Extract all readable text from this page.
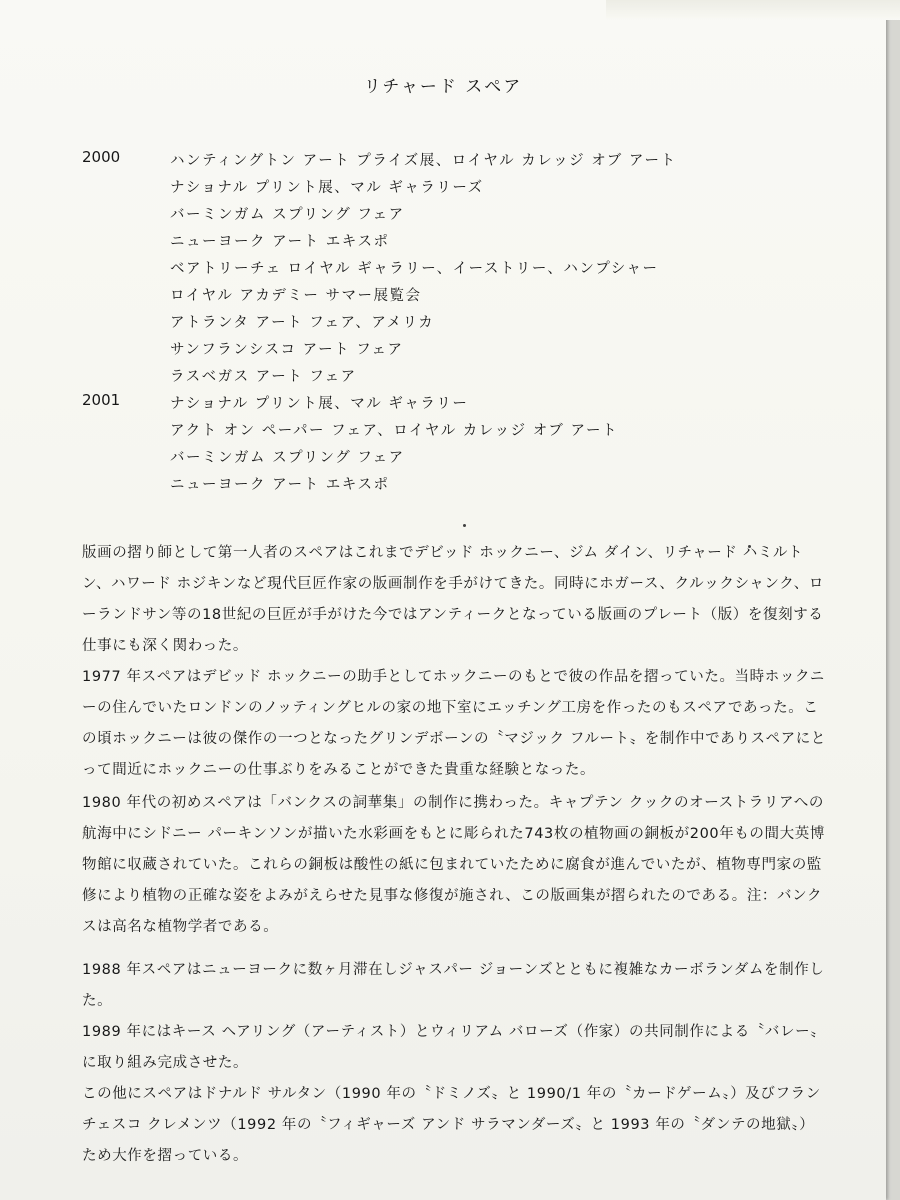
リチャード スペア
2000	ハンティングトン アート プライズ展、ロイヤル カレッジ オブ アート
ナショナル プリント展、マル ギャラリーズ
バーミンガム スプリング フェア
ニューヨーク アート エキスポ
ベアトリーチェ ロイヤル ギャラリー、イーストリー、ハンプシャー
ロイヤル アカデミー サマー展覧会
アトランタ アート フェア、アメリカ
サンフランシスコ アート フェア
ラスベガス アート フェア
2001	ナショナル プリント展、マル ギャラリー
アクト オン ペーパー フェア、ロイヤル カレッジ オブ アート
バーミンガム スプリング フェア
ニューヨーク アート エキスポ

版画の摺り師として第一人者のスペアはこれまでデビッド ホックニー、ジム ダイン、リチャード ハミルトン、ハワード ホジキンなど現代巨匠作家の版画制作を手がけてきた。同時にホガース、クルックシャンク、ローランドサン等の18世紀の巨匠が手がけた今ではアンティークとなっている版画のプレート（版）を復刻する仕事にも深く関わった。

1977 年スペアはデビッド ホックニーの助手としてホックニーのもとで彼の作品を摺っていた。当時ホックニーの住んでいたロンドンのノッティングヒルの家の地下室にエッチング工房を作ったのもスペアであった。この頃ホックニーは彼の傑作の一つとなったグリンデボーンの〝マジック フルート〟を制作中でありスペアにとって間近にホックニーの仕事ぶりをみることができた貴重な経験となった。

1980 年代の初めスペアは「バンクスの詞華集」の制作に携わった。キャプテン クックのオーストラリアへの航海中にシドニー パーキンソンが描いた水彩画をもとに彫られた743枚の植物画の銅板が200年もの間大英博物館に収蔵されていた。これらの銅板は酸性の紙に包まれていたために腐食が進んでいたが、植物専門家の監修により植物の正確な姿をよみがえらせた見事な修復が施され、この版画集が摺られたのである。注：バンクスは高名な植物学者である。

1988 年スペアはニューヨークに数ヶ月滞在しジャスパー ジョーンズとともに複雑なカーボランダムを制作した。

1989 年にはキース ヘアリング（アーティスト）とウィリアム バローズ（作家）の共同制作による〝バレー〟に取り組み完成させた。

この他にスペアはドナルド サルタン（1990 年の〝ドミノズ〟と 1990/1 年の〝カードゲーム〟）及びフランチェスコ クレメンツ（1992 年の〝フィギャーズ アンド サラマンダーズ〟と 1993 年の〝ダンテの地獄〟）ため大作を摺っている。
